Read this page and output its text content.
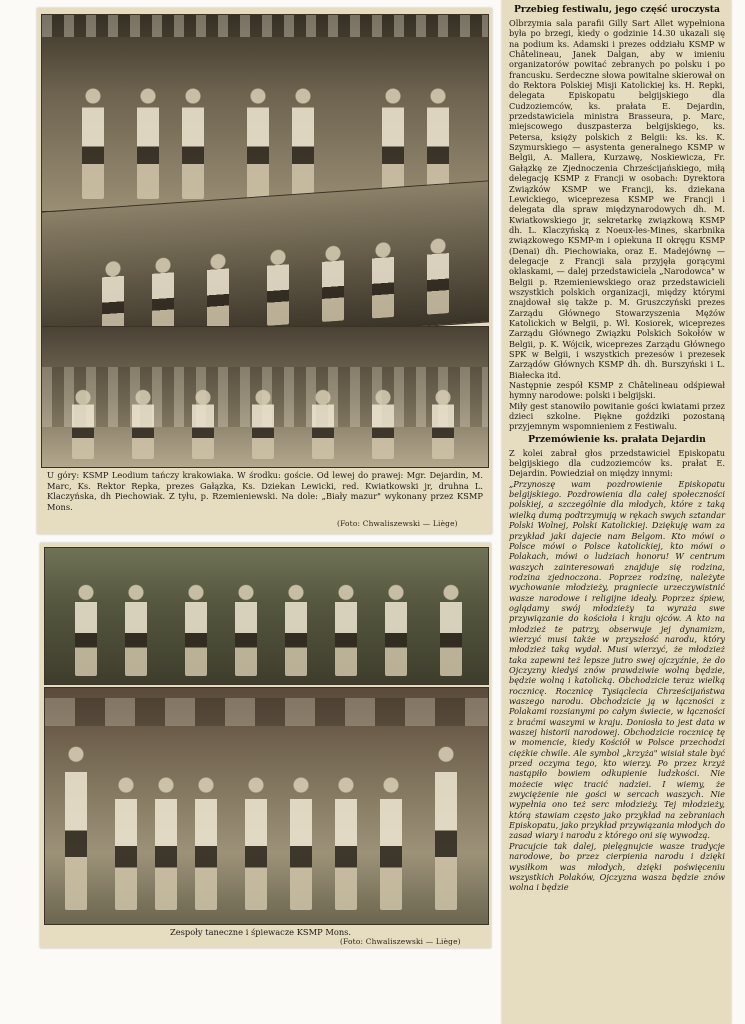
U góry: KSMP Leodium tańczy krakowiaka. W środku: goście. Od lewej do prawej: Mgr. Dejardin, M. Marc, Ks. Rektor Repka, prezes Gałązka, Ks. Dziekan Lewicki, red. Kwiatkowski jr, druhna L. Klaczyńska, dh Piechowiak. Z tyłu, p. Rzemieniewski. Na dole: „Biały mazur" wykonany przez KSMP Mons.
(Foto: Chwaliszewski — Liège)
Zespoły taneczne i śpiewacze KSMP Mons.
(Foto: Chwaliszewski — Liège)
Przebieg festiwalu, jego część uroczysta

Olbrzymia sala parafii Gilly Sart Allet wypełniona była po brzegi, kiedy o godzinie 14.30 ukazali się na podium ks. Adamski i prezes oddziału KSMP w Châtelineau, Janek Dalgan, aby w imieniu organizatorów powitać zebranych po polsku i po francusku. Serdeczne słowa powitalne skierował on do Rektora Polskiej Misji Katolickiej ks. H. Repki, delegata Episkopatu belgijskiego dla Cudzoziemców, ks. prałata E. Dejardin, przedstawiciela ministra Brasseura, p. Marc, miejscowego duszpasterza belgijskiego, ks. Petersa, księży polskich z Belgii: ks. ks. K. Szymurskiego — asystenta generalnego KSMP w Belgii, A. Mallera, Kurzawę, Noskiewicza, Fr. Gałązkę ze Zjednoczenia Chrześcijańskiego, miłą delegację KSMP z Francji w osobach: Dyrektora Związków KSMP we Francji, ks. dziekana Lewickiego, wiceprezesa KSMP we Francji i delegata dla spraw międzynarodowych dh. M. Kwiatkowskiego jr, sekretarkę związkową KSMP dh. L. Klaczyńską z Noeux-les-Mines, skarbnika związkowego KSMP-m i opiekuna II okręgu KSMP (Denai) dh. Piechowiaka, oraz E. Madejównę — delegacje z Francji sala przyjęła gorącymi oklaskami, — dalej przedstawiciela „Narodowca" w Belgii p. Rzemieniewskiego oraz przedstawicieli wszystkich polskich organizacji, między którymi znajdował się także p. M. Gruszczyński prezes Zarządu Głównego Stowarzyszenia Mężów Katolickich w Belgii, p. Wł. Kosiorek, wiceprezes Zarządu Głównego Związku Polskich Sokołów w Belgii, p. K. Wójcik, wiceprezes Zarządu Głównego SPK w Belgii, i wszystkich prezesów i prezesek Zarządów Głównych KSMP dh. dh. Burszyński i L. Białecka itd.

Następnie zespół KSMP z Châtelineau odśpiewał hymny narodowe: polski i belgijski.

Miły gest stanowiło powitanie gości kwiatami przez dzieci szkolne. Piękne goździki pozostaną przyjemnym wspomnieniem z Festiwalu.

Przemówienie ks. prałata Dejardin

Z kolei zabrał głos przedstawiciel Episkopatu belgijskiego dla cudzoziemców ks. prałat E. Dejardin. Powiedział on między innymi:

„Przynoszę wam pozdrowienie Episkopatu belgijskiego. Pozdrowienia dla całej społeczności polskiej, a szczególnie dla młodych, które z taką wielką dumą podtrzymują w rękach swych sztandar Polski Wolnej, Polski Katolickiej. Dziękuję wam za przykład jaki dajecie nam Belgom. Kto mówi o Polsce mówi o Polsce katolickiej, kto mówi o Polakach, mówi o ludziach honoru! W centrum waszych zainteresowań znajduje się rodzina, rodzina zjednoczona. Poprzez rodzinę, należyte wychowanie młodzieży, pragniecie urzeczywistnić wasze narodowe i religijne ideały. Poprzez śpiew, oglądamy swój młodzieży ta wyraża swe przywiązanie do kościoła i kraju ojców. A kto na młodzież te patrzy, obserwuje jej dynamizm, wierzyć musi także w przyszłość narodu, który młodzież taką wydał. Musi wierzyć, że młodzież taka zapewni też lepsze jutro swej ojczyźnie, że do Ojczyzny kiedyś znów prawdziwie wolną będzie, będzie wolną i katolicką. Obchodzicie teraz wielką rocznicę. Rocznicę Tysiąclecia Chrześcijaństwa waszego narodu. Obchodzicie ją w łączności z Polakami rozsianymi po całym świecie, w łączności z braćmi waszymi w kraju. Doniosła to jest data w waszej historii narodowej. Obchodzicie rocznicę tę w momencie, kiedy Kościół w Polsce przechodzi ciężkie chwile. Ale symbol „krzyża" wisiał stale być przed oczyma tego, kto wierzy. Po przez krzyż nastąpiło bowiem odkupienie ludzkości. Nie możecie więc tracić nadziei. I wiemy, że zwyciężenie nie gości w sercach waszych. Nie wypełnia ono też serc młodzieży. Tej młodzieży, którą stawiam często jako przykład na zebraniach Episkopatu, jako przykład przywiązania młodych do zasad wiary i narodu z którego oni się wywodzą.

Pracujcie tak dalej, pielęgnujcie wasze tradycje narodowe, bo przez cierpienia narodu i dzięki wysiłkom was młodych, dzięki poświęceniu wszystkich Polaków, Ojczyzna wasza będzie znów wolna i będzie
